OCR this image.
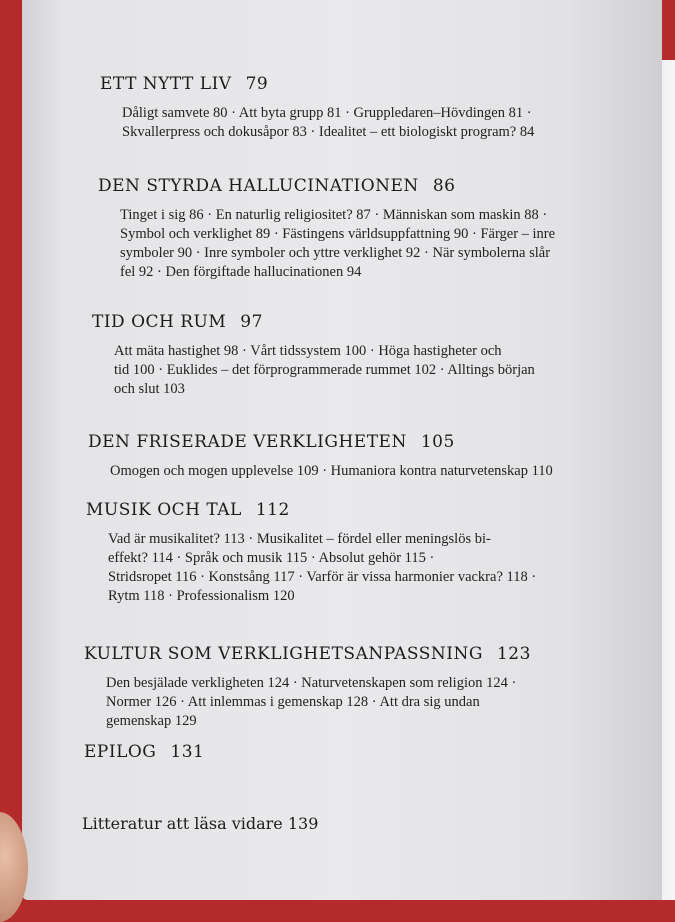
ETT NYTT LIV 79
Dåligt samvete 80 · Att byta grupp 81 · Gruppledaren–Hövdingen 81 ·
Skvallerpress och dokusåpor 83 · Idealitet – ett biologiskt program? 84
DEN STYRDA HALLUCINATIONEN 86
Tinget i sig 86 · En naturlig religiositet? 87 · Människan som maskin 88 ·
Symbol och verklighet 89 · Fästingens världsuppfattning 90 · Färger – inre
symboler 90 · Inre symboler och yttre verklighet 92 · När symbolerna slår
fel 92 · Den förgiftade hallucinationen 94
TID OCH RUM 97
Att mäta hastighet 98 · Vårt tidssystem 100 · Höga hastigheter och
tid 100 · Euklides – det förprogrammerade rummet 102 · Alltings början
och slut 103
DEN FRISERADE VERKLIGHETEN 105
Omogen och mogen upplevelse 109 · Humaniora kontra naturvetenskap 110
MUSIK OCH TAL 112
Vad är musikalitet? 113 · Musikalitet – fördel eller meningslös bi-
effekt? 114 · Språk och musik 115 · Absolut gehör 115 ·
Stridsropet 116 · Konstsång 117 · Varför är vissa harmonier vackra? 118 ·
Rytm 118 · Professionalism 120
KULTUR SOM VERKLIGHETSANPASSNING 123
Den besjälade verkligheten 124 · Naturvetenskapen som religion 124 ·
Normer 126 · Att inlemmas i gemenskap 128 · Att dra sig undan
gemenskap 129
EPILOG 131
Litteratur att läsa vidare 139
